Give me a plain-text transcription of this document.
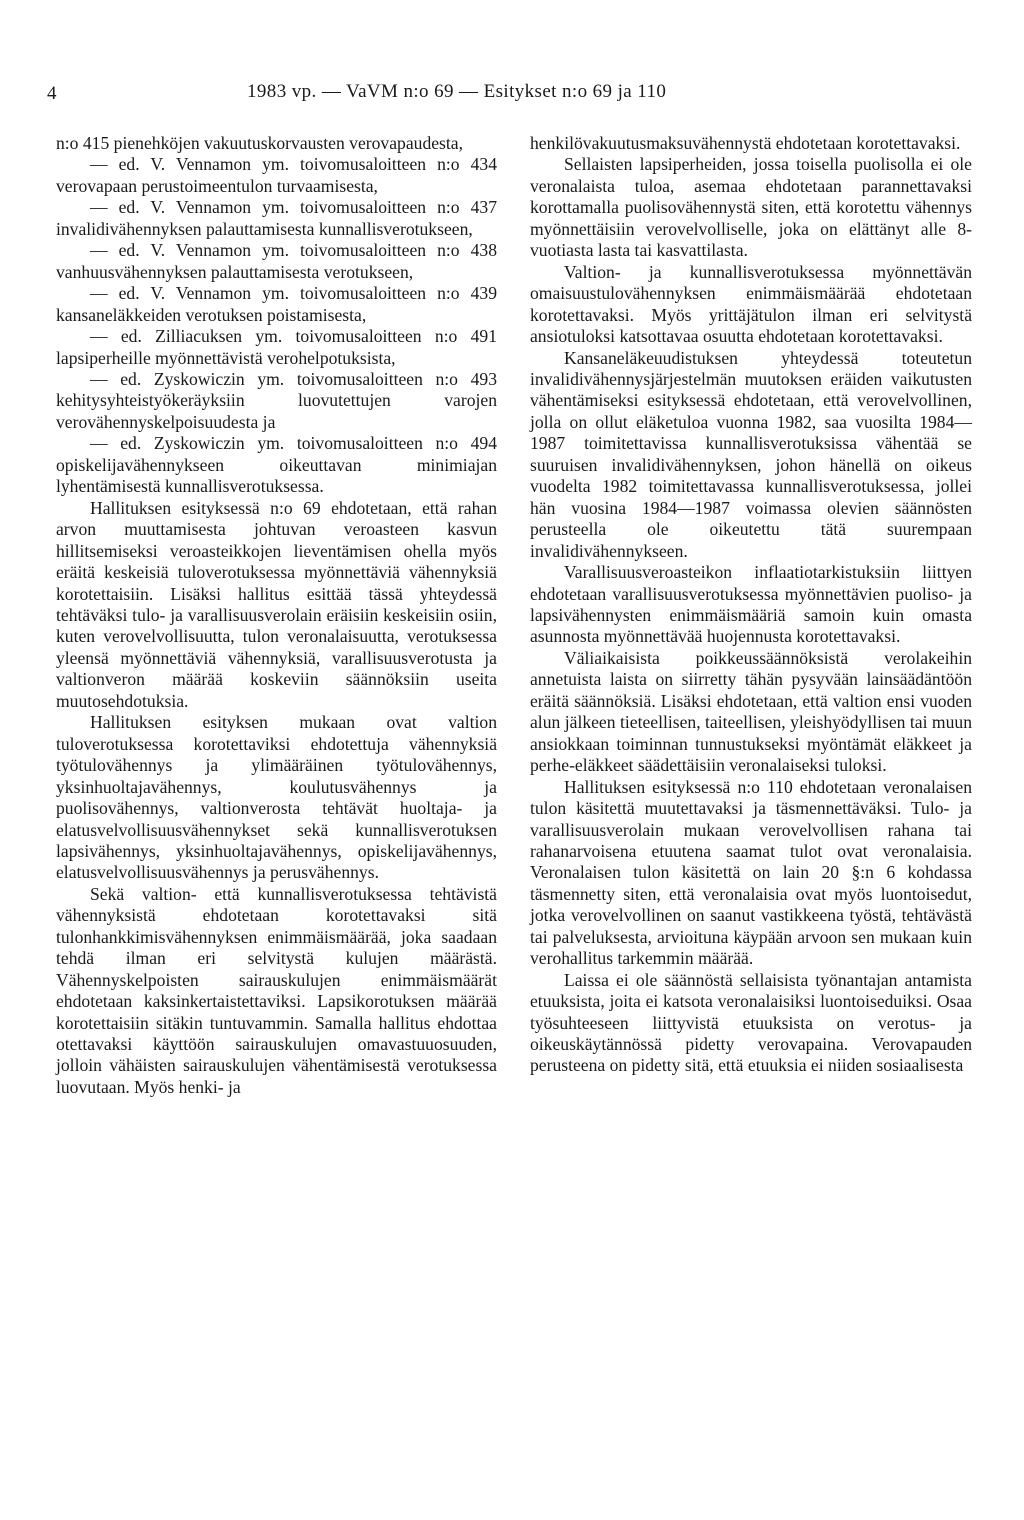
4	1983 vp. — VaVM n:o 69 — Esitykset n:o 69 ja 110

n:o 415 pienehköjen vakuutuskorvausten verovapaudesta,

— ed. V. Vennamon ym. toivomusaloitteen n:o 434 verovapaan perustoimeentulon turvaamisesta,

— ed. V. Vennamon ym. toivomusaloitteen n:o 437 invalidivähennyksen palauttamisesta kunnallisverotukseen,

— ed. V. Vennamon ym. toivomusaloitteen n:o 438 vanhuusvähennyksen palauttamisesta verotukseen,

— ed. V. Vennamon ym. toivomusaloitteen n:o 439 kansaneläkkeiden verotuksen poistamisesta,

— ed. Zilliacuksen ym. toivomusaloitteen n:o 491 lapsiperheille myönnettävistä verohelpotuksista,

— ed. Zyskowiczin ym. toivomusaloitteen n:o 493 kehitysyhteistyökeräyksiin luovutettujen varojen verovähennyskelpoisuudesta ja

— ed. Zyskowiczin ym. toivomusaloitteen n:o 494 opiskelijavähennykseen oikeuttavan minimiajan lyhentämisestä kunnallisverotuksessa.

Hallituksen esityksessä n:o 69 ehdotetaan, että rahan arvon muuttamisesta johtuvan veroasteen kasvun hillitsemiseksi veroasteikkojen lieventämisen ohella myös eräitä keskeisiä tuloverotuksessa myönnettäviä vähennyksiä korotettaisiin. Lisäksi hallitus esittää tässä yhteydessä tehtäväksi tulo- ja varallisuusverolain eräisiin keskeisiin osiin, kuten verovelvollisuutta, tulon veronalaisuutta, verotuksessa yleensä myönnettäviä vähennyksiä, varallisuusverotusta ja valtionveron määrää koskeviin säännöksiin useita muutosehdotuksia.

Hallituksen esityksen mukaan ovat valtion tuloverotuksessa korotettaviksi ehdotettuja vähennyksiä työtulovähennys ja ylimääräinen työtulovähennys, yksinhuoltajavähennys, koulutusvähennys ja puolisovähennys, valtionverosta tehtävät huoltaja- ja elatusvelvollisuusvähennykset sekä kunnallisverotuksen lapsivähennys, yksinhuoltajavähennys, opiskelijavähennys, elatusvelvollisuusvähennys ja perusvähennys.

Sekä valtion- että kunnallisverotuksessa tehtävistä vähennyksistä ehdotetaan korotettavaksi sitä tulonhankkimisvähennyksen enimmäismäärää, joka saadaan tehdä ilman eri selvitystä kulujen määrästä. Vähennyskelpoisten sairauskulujen enimmäismäärät ehdotetaan kaksinkertaistettaviksi. Lapsikorotuksen määrää korotettaisiin sitäkin tuntuvammin. Samalla hallitus ehdottaa otettavaksi käyttöön sairauskulujen omavastuuosuuden, jolloin vähäisten sairauskulujen vähentämisestä verotuksessa luovutaan. Myös henki- ja

henkilövakuutusmaksuvähennystä ehdotetaan korotettavaksi.

Sellaisten lapsiperheiden, jossa toisella puolisolla ei ole veronalaista tuloa, asemaa ehdotetaan parannettavaksi korottamalla puolisovähennystä siten, että korotettu vähennys myönnettäisiin verovelvolliselle, joka on elättänyt alle 8-vuotiasta lasta tai kasvattilasta.

Valtion- ja kunnallisverotuksessa myönnettävän omaisuustulovähennyksen enimmäismäärää ehdotetaan korotettavaksi. Myös yrittäjätulon ilman eri selvitystä ansiotuloksi katsottavaa osuutta ehdotetaan korotettavaksi.

Kansaneläkeuudistuksen yhteydessä toteutetun invalidivähennysjärjestelmän muutoksen eräiden vaikutusten vähentämiseksi esityksessä ehdotetaan, että verovelvollinen, jolla on ollut eläketuloa vuonna 1982, saa vuosilta 1984—1987 toimitettavissa kunnallisverotuksissa vähentää se suuruisen invalidivähennyksen, johon hänellä on oikeus vuodelta 1982 toimitettavassa kunnallisverotuksessa, jollei hän vuosina 1984—1987 voimassa olevien säännösten perusteella ole oikeutettu tätä suurempaan invalidivähennykseen.

Varallisuusveroasteikon inflaatiotarkistuksiin liittyen ehdotetaan varallisuusverotuksessa myönnettävien puoliso- ja lapsivähennysten enimmäismääriä samoin kuin omasta asunnosta myönnettävää huojennusta korotettavaksi.

Väliaikaisista poikkeussäännöksistä verolakeihin annetuista laista on siirretty tähän pysyvään lainsäädäntöön eräitä säännöksiä. Lisäksi ehdotetaan, että valtion ensi vuoden alun jälkeen tieteellisen, taiteellisen, yleishyödyllisen tai muun ansiokkaan toiminnan tunnustukseksi myöntämät eläkkeet ja perhe-eläkkeet säädettäisiin veronalaiseksi tuloksi.

Hallituksen esityksessä n:o 110 ehdotetaan veronalaisen tulon käsitettä muutettavaksi ja täsmennettäväksi. Tulo- ja varallisuusverolain mukaan verovelvollisen rahana tai rahanarvoisena etuutena saamat tulot ovat veronalaisia. Veronalaisen tulon käsitettä on lain 20 §:n 6 kohdassa täsmennetty siten, että veronalaisia ovat myös luontoisedut, jotka verovelvollinen on saanut vastikkeena työstä, tehtävästä tai palveluksesta, arvioituna käypään arvoon sen mukaan kuin verohallitus tarkemmin määrää.

Laissa ei ole säännöstä sellaisista työnantajan antamista etuuksista, joita ei katsota veronalaisiksi luontoiseduiksi. Osaa työsuhteeseen liittyvistä etuuksista on verotus- ja oikeuskäytännössä pidetty verovapaina. Verovapauden perusteena on pidetty sitä, että etuuksia ei niiden sosiaalisesta
